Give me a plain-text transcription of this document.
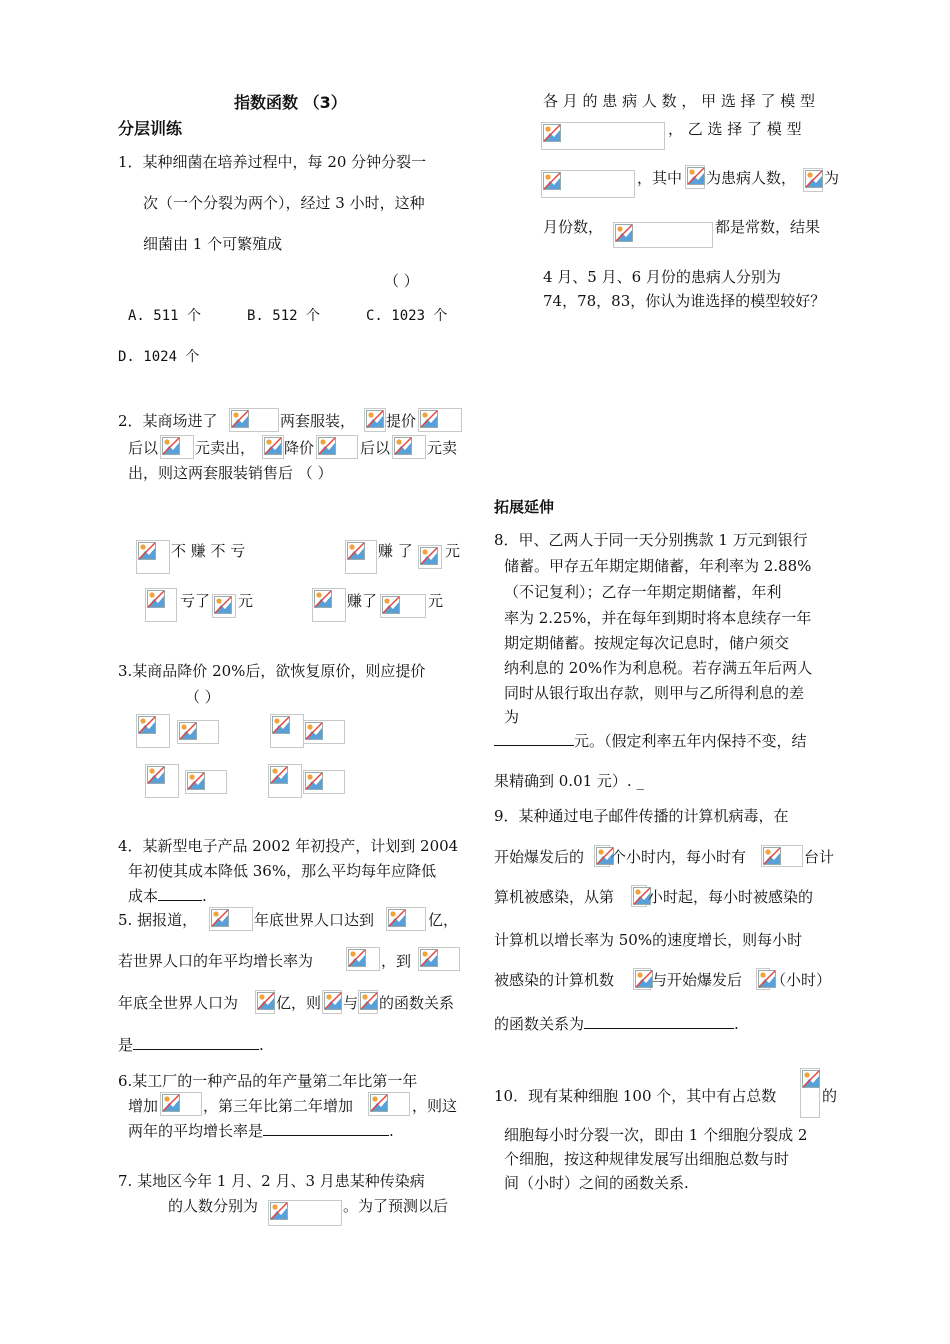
指数函数 （3）
分层训练
1．某种细菌在培养过程中，每 20 分钟分裂一
次（一个分裂为两个），经过 3 小时，这种
细菌由 1 个可繁殖成
（ ）
A. 511 个	B. 512 个	C. 1023 个
D. 1024 个
2．某商场进了	两套服装， 提价
后以 元卖出， 降价	后以 元卖
出，则这两套服装销售后 （ ）
不 赚 不 亏	赚 了 元
亏了 元	赚了	元
3.某商品降价 20%后，欲恢复原价，则应提价
（ ）
4．某新型电子产品 2002 年初投产，计划到 2004
年初使其成本降低 36%，那么平均每年应降低
成本	.
5. 据报道，	年底世界人口达到	亿，
若世界人口的年平均增长率为	，到
年底全世界人口为	亿，则 与 的函数关系
是	.
6.某工厂的一种产品的年产量第二年比第一年
增加	，第三年比第二年增加	，则这
两年的平均增长率是	.
7. 某地区今年 1 月、2 月、3 月患某种传染病
的人数分别为	。为了预测以后
各 月 的 患 病 人 数 ， 甲 选 择 了 模 型
， 乙 选 择 了 模 型
，其中 为患病人数， 为
月份数，	都是常数，结果
4 月、5 月、6 月份的患病人分别为
74，78，83，你认为谁选择的模型较好？
拓展延伸
8．甲、乙两人于同一天分别携款 1 万元到银行
储蓄。甲存五年期定期储蓄，年利率为 2.88%
（不记复利）；乙存一年期定期储蓄，年利
率为 2.25%，并在每年到期时将本息续存一年
期定期储蓄。按规定每次记息时，储户须交
纳利息的 20%作为利息税。若存满五年后两人
同时从银行取出存款，则甲与乙所得利息的差
为
元。（假定利率五年内保持不变，结
果精确到 0.01 元）. _
9．某种通过电子邮件传播的计算机病毒，在
开始爆发后的 个小时内，每小时有	台计
算机被感染，从第 小时起，每小时被感染的
计算机以增长率为 50%的速度增长，则每小时
被感染的计算机数	与开始爆发后 （小时）
的函数关系为	.
10．现有某种细胞 100 个，其中有占总数	的
细胞每小时分裂一次，即由 1 个细胞分裂成 2
个细胞，按这种规律发展写出细胞总数与时
间（小时）之间的函数关系.
